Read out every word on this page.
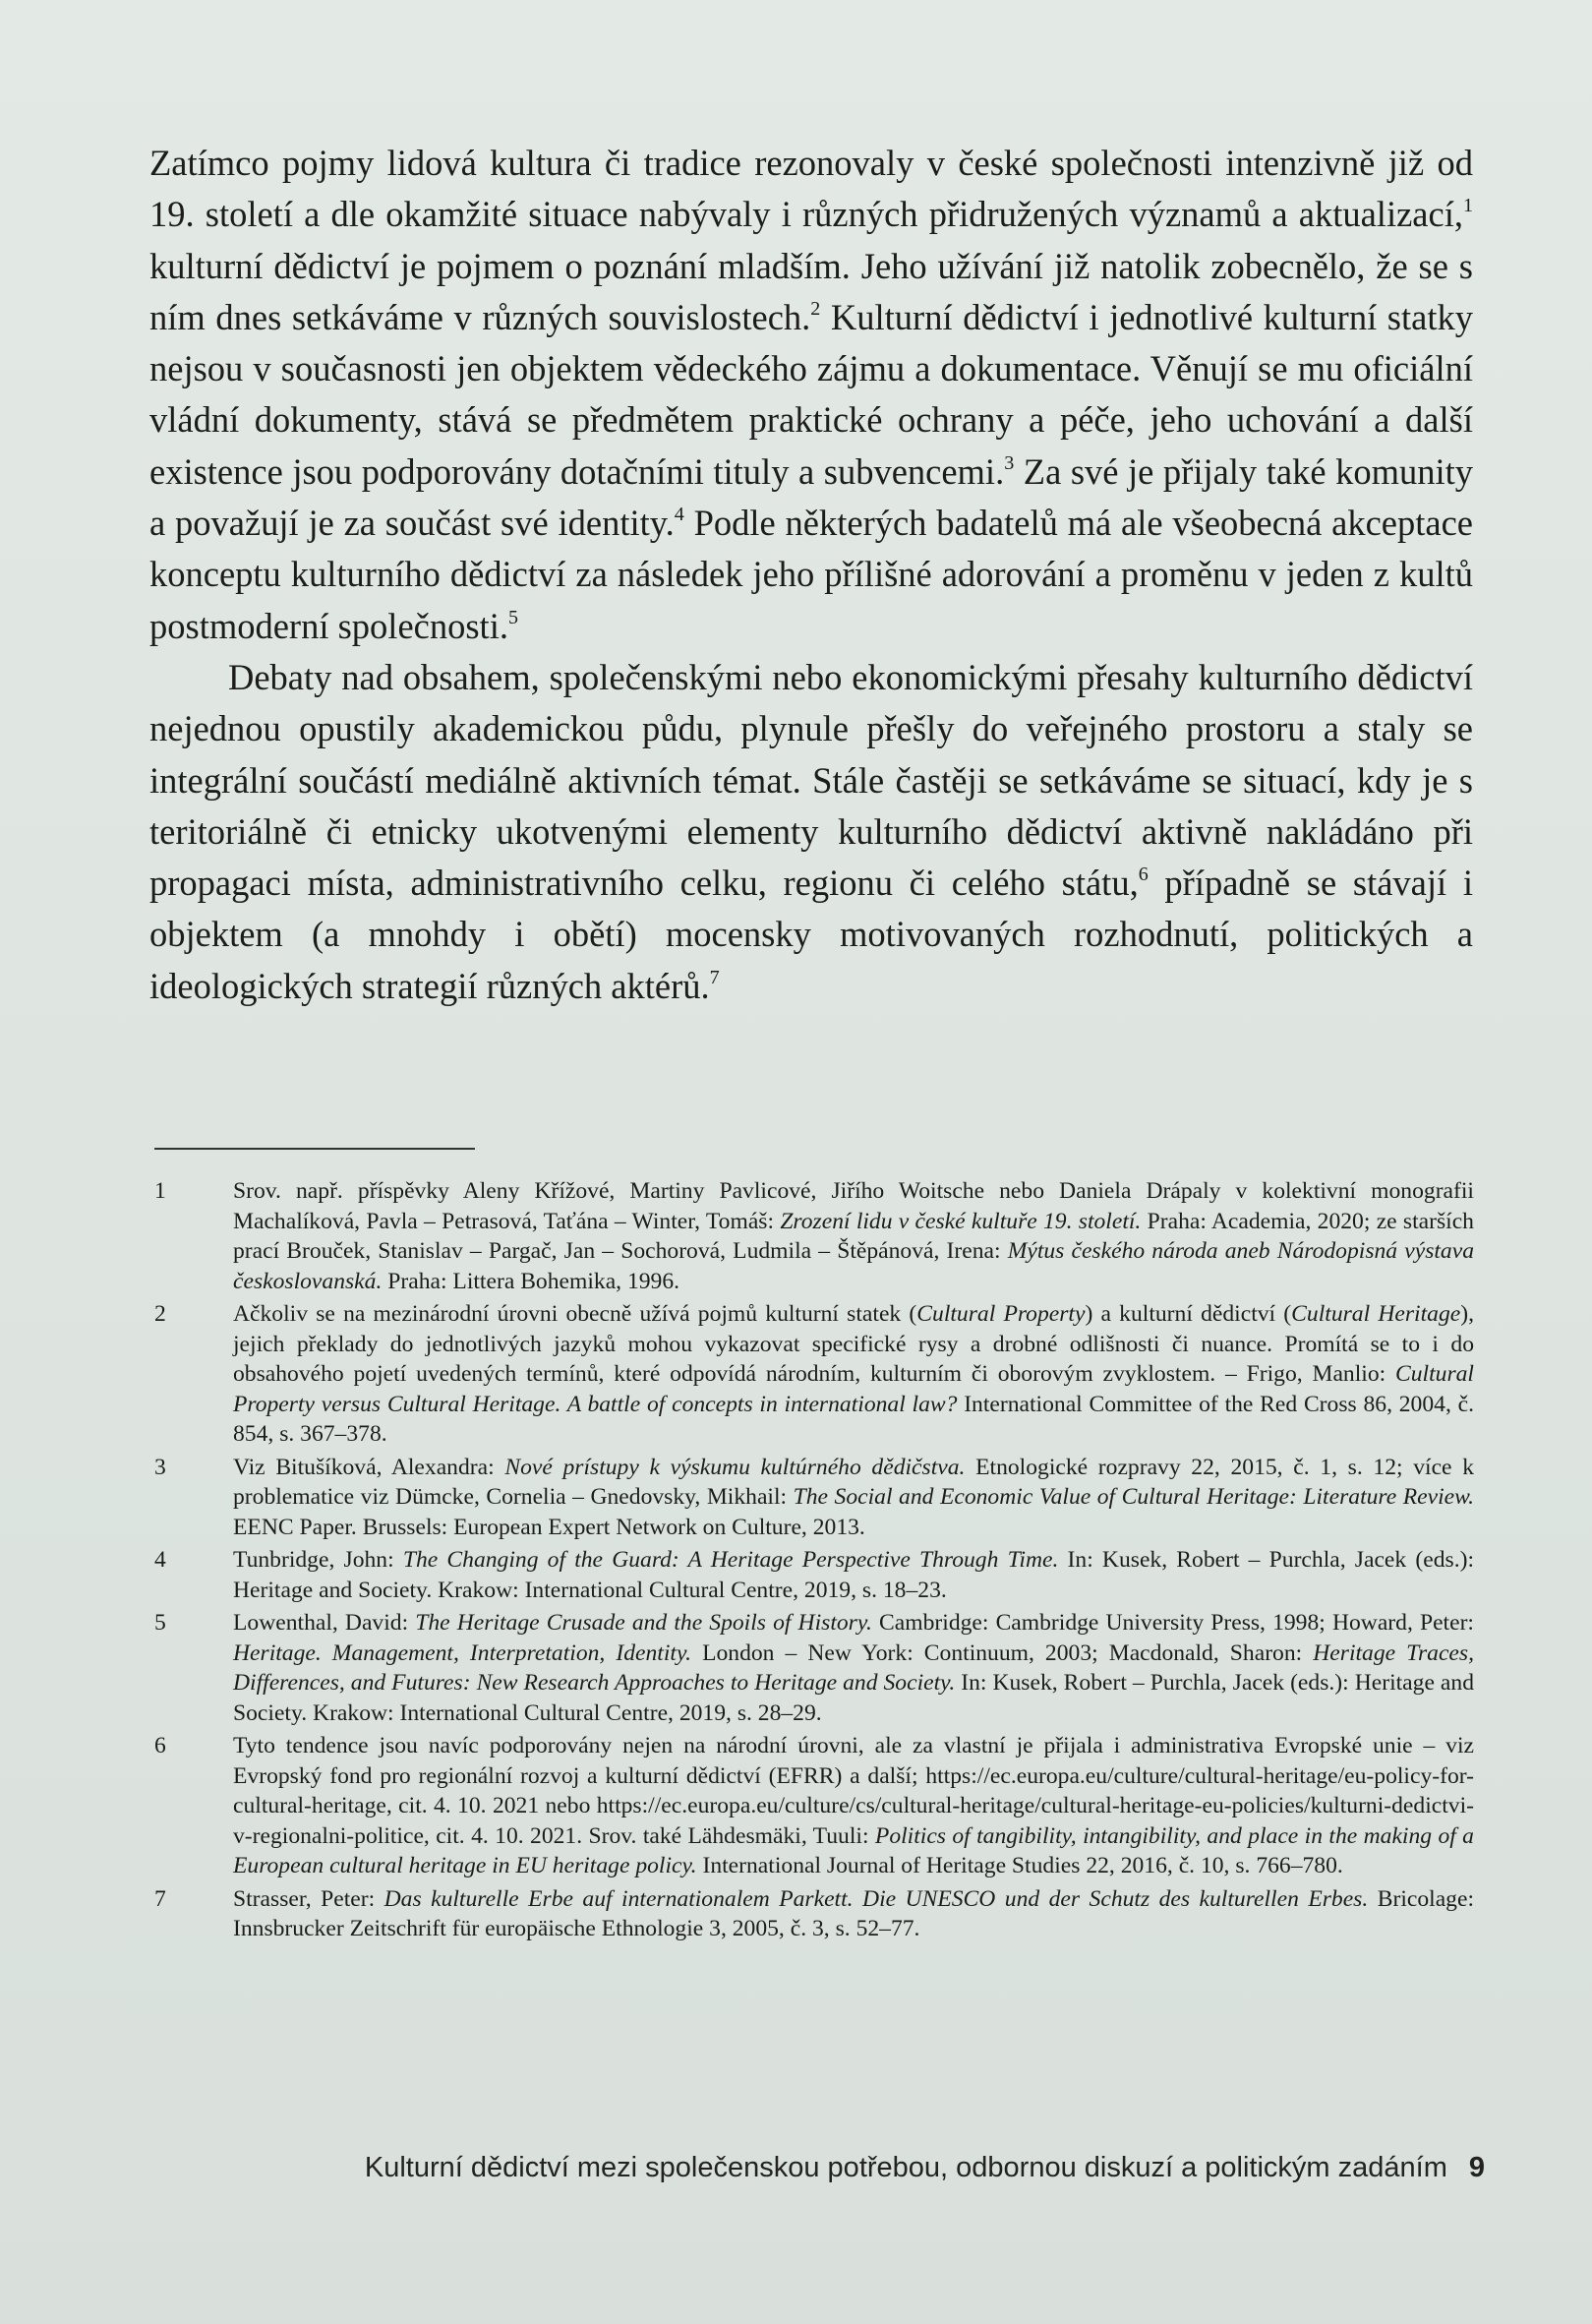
Zatímco pojmy lidová kultura či tradice rezonovaly v české společnosti intenzivně již od 19. století a dle okamžité situace nabývaly i různých přidružených významů a aktualizací,$^1$ kulturní dědictví je pojmem o poznání mladším. Jeho užívání již natolik zobecnělo, že se s ním dnes setkáváme v různých souvislostech.$^2$ Kulturní dědictví i jednotlivé kulturní statky nejsou v současnosti jen objektem vědeckého zájmu a dokumentace. Věnují se mu oficiální vládní dokumenty, stává se předmětem praktické ochrany a péče, jeho uchování a další existence jsou podporovány dotačními tituly a subvencemi.$^3$ Za své je přijaly také komunity a považují je za součást své identity.$^4$ Podle některých badatelů má ale všeobecná akceptace konceptu kulturního dědictví za následek jeho přílišné adorování a proměnu v jeden z kultů postmoderní společnosti.$^5$

Debaty nad obsahem, společenskými nebo ekonomickými přesahy kulturního dědictví nejednou opustily akademickou půdu, plynule přešly do veřejného prostoru a staly se integrální součástí mediálně aktivních témat. Stále častěji se setkáváme se situací, kdy je s teritoriálně či etnicky ukotvenými elementy kulturního dědictví aktivně nakládáno při propagaci místa, administrativního celku, regionu či celého státu,$^6$ případně se stávají i objektem (a mnohdy i obětí) mocensky motivovaných rozhodnutí, politických a ideologických strategií různých aktérů.$^7$

1	Srov. např. příspěvky Aleny Křížové, Martiny Pavlicové, Jiřího Woitsche nebo Daniela Drápaly v kolektivní monografii Machalíková, Pavla – Petrasová, Taťána – Winter, Tomáš: Zrození lidu v české kultuře 19. století. Praha: Academia, 2020; ze starších prací Brouček, Stanislav – Pargač, Jan – Sochorová, Ludmila – Štěpánová, Irena: Mýtus českého národa aneb Národopisná výstava českoslovanská. Praha: Littera Bohemika, 1996.
2	Ačkoliv se na mezinárodní úrovni obecně užívá pojmů kulturní statek (Cultural Property) a kulturní dědictví (Cultural Heritage), jejich překlady do jednotlivých jazyků mohou vykazovat specifické rysy a drobné odlišnosti či nuance. Promítá se to i do obsahového pojetí uvedených termínů, které odpovídá národním, kulturním či oborovým zvyklostem. – Frigo, Manlio: Cultural Property versus Cultural Heritage. A battle of concepts in international law? International Committee of the Red Cross 86, 2004, č. 854, s. 367–378.
3	Viz Bitušíková, Alexandra: Nové prístupy k výskumu kultúrného dědičstva. Etnologické rozpravy 22, 2015, č. 1, s. 12; více k problematice viz Dümcke, Cornelia – Gnedovsky, Mikhail: The Social and Economic Value of Cultural Heritage: Literature Review. EENC Paper. Brussels: European Expert Network on Culture, 2013.
4	Tunbridge, John: The Changing of the Guard: A Heritage Perspective Through Time. In: Kusek, Robert – Purchla, Jacek (eds.): Heritage and Society. Krakow: International Cultural Centre, 2019, s. 18–23.
5	Lowenthal, David: The Heritage Crusade and the Spoils of History. Cambridge: Cambridge University Press, 1998; Howard, Peter: Heritage. Management, Interpretation, Identity. London – New York: Continuum, 2003; Macdonald, Sharon: Heritage Traces, Differences, and Futures: New Research Approaches to Heritage and Society. In: Kusek, Robert – Purchla, Jacek (eds.): Heritage and Society. Krakow: International Cultural Centre, 2019, s. 28–29.
6	Tyto tendence jsou navíc podporovány nejen na národní úrovni, ale za vlastní je přijala i administrativa Evropské unie – viz Evropský fond pro regionální rozvoj a kulturní dědictví (EFRR) a další; https://ec.europa.​eu/culture/cultural-heritage/eu-policy-for-cultural-heritage, cit. 4. 10. 2021 nebo https://ec.europa.eu/culture/cs/cultural-heritage/cultural-heritage-eu-policies/kulturni-dedictvi-v-regionalni-politice, cit. 4. 10. 2021. Srov. také Lähdesmäki, Tuuli: Politics of tangibility, intangibility, and place in the making of a European cultural heritage in EU heritage policy. International Journal of Heritage Studies 22, 2016, č. 10, s. 766–780.
7	Strasser, Peter: Das kulturelle Erbe auf internationalem Parkett. Die UNESCO und der Schutz des kulturellen Erbes. Bricolage: Innsbrucker Zeitschrift für europäische Ethnologie 3, 2005, č. 3, s. 52–77.
Kulturní dědictví mezi společenskou potřebou, odbornou diskuzí a politickým zadáním 9
